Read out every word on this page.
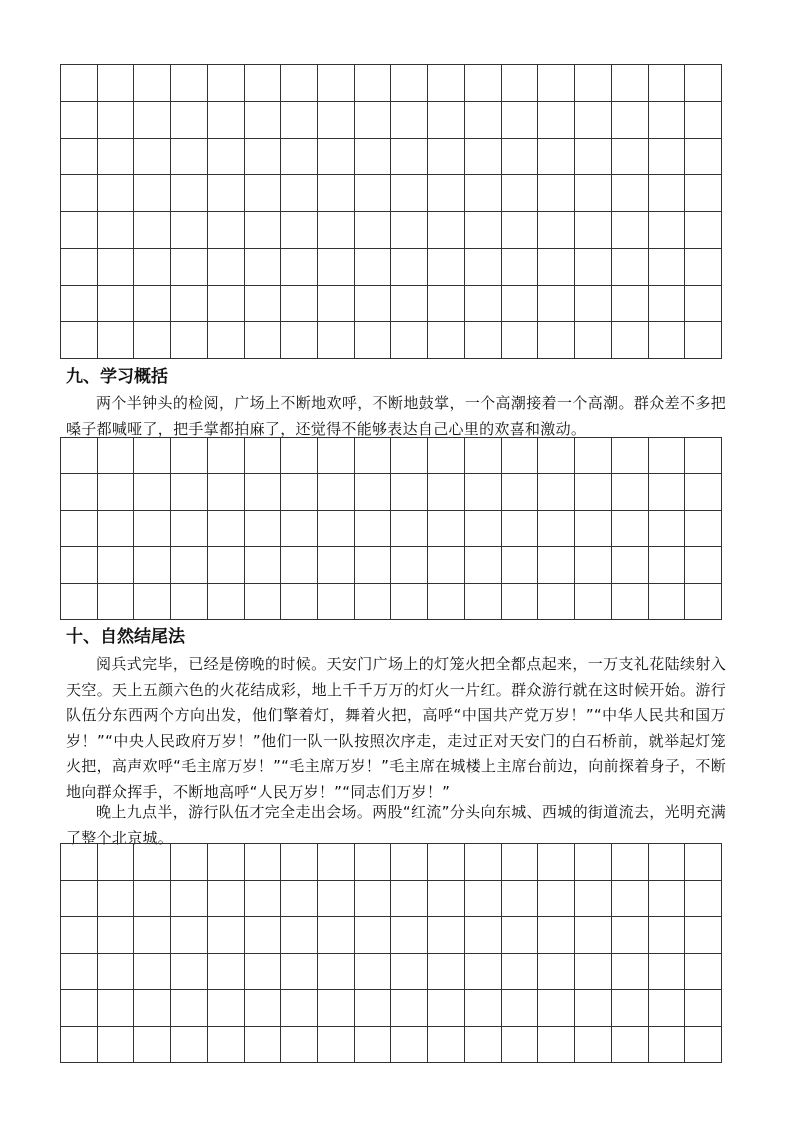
九、学习概括

两个半钟头的检阅，广场上不断地欢呼，不断地鼓掌，一个高潮接着一个高潮。群众差不多把嗓子都喊哑了，把手掌都拍麻了，还觉得不能够表达自己心里的欢喜和激动。

十、自然结尾法

阅兵式完毕，已经是傍晚的时候。天安门广场上的灯笼火把全都点起来，一万支礼花陆续射入天空。天上五颜六色的火花结成彩，地上千千万万的灯火一片红。群众游行就在这时候开始。游行队伍分东西两个方向出发，他们擎着灯，舞着火把，高呼“中国共产党万岁！”“中华人民共和国万岁！”“中央人民政府万岁！”他们一队一队按照次序走，走过正对天安门的白石桥前，就举起灯笼火把，高声欢呼“毛主席万岁！”“毛主席万岁！”毛主席在城楼上主席台前边，向前探着身子，不断地向群众挥手，不断地高呼“人民万岁！”“同志们万岁！”

晚上九点半，游行队伍才完全走出会场。两股“红流”分头向东城、西城的街道流去，光明充满了整个北京城。
